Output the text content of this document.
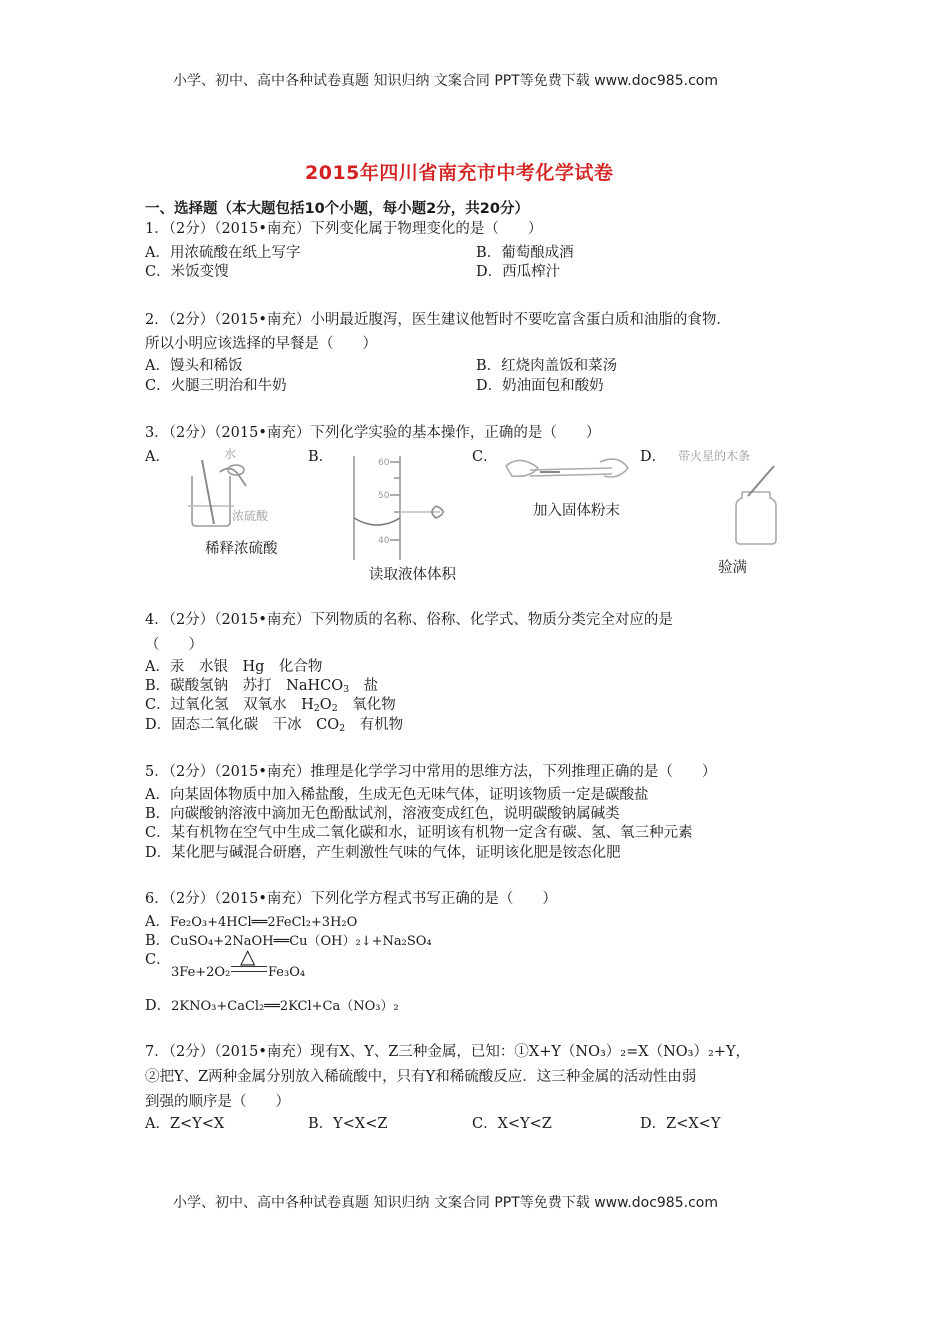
小学、初中、高中各种试卷真题 知识归纳 文案合同 PPT等免费下载 www.doc985.com
2015年四川省南充市中考化学试卷
一、选择题（本大题包括10个小题，每小题2分，共20分）
1．（2分）（2015•南充）下列变化属于物理变化的是（　　）
A．用浓硫酸在纸上写字	B．葡萄酿成酒
C．米饭变馊	D．西瓜榨汁
2．（2分）（2015•南充）小明最近腹泻，医生建议他暂时不要吃富含蛋白质和油脂的食物．
所以小明应该选择的早餐是（　　）
A．馒头和稀饭	B．红烧肉盖饭和菜汤
C．火腿三明治和牛奶	D．奶油面包和酸奶
3．（2分）（2015•南充）下列化学实验的基本操作，正确的是（　　）
A．	B．	C．	D．
水
浓硫酸
稀释浓硫酸
60
50
40
读取液体体积
加入固体粉末
带火星的木条
验满
4．（2分）（2015•南充）下列物质的名称、俗称、化学式、物质分类完全对应的是
（　　）
A．汞　水银　Hg　化合物
B．碳酸氢钠　苏打　NaHCO$_3$　盐
C．过氧化氢　双氧水　$H_2O_2$　氧化物
D．固态二氧化碳　干冰　$CO_2$　有机物
5．（2分）（2015•南充）推理是化学学习中常用的思维方法，下列推理正确的是（　　）
A．向某固体物质中加入稀盐酸，生成无色无味气体，证明该物质一定是碳酸盐
B．向碳酸钠溶液中滴加无色酚酞试剂，溶液变成红色，说明碳酸钠属碱类
C．某有机物在空气中生成二氧化碳和水，证明该有机物一定含有碳、氢、氧三种元素
D．某化肥与碱混合研磨，产生刺激性气味的气体，证明该化肥是铵态化肥
6．（2分）（2015•南充）下列化学方程式书写正确的是（　　）
A．Fe₂O₃+4HCl══2FeCl₂+3H₂O
B．CuSO₄+2NaOH══Cu（OH）₂↓+Na₂SO₄
C．
3Fe+2O₂
△
Fe₃O₄
D．2KNO₃+CaCl₂══2KCl+Ca（NO₃）₂
7．（2分）（2015•南充）现有X、Y、Z三种金属，已知：①X+Y（NO₃）₂=X（NO₃）₂+Y，
②把Y、Z两种金属分别放入稀硫酸中，只有Y和稀硫酸反应．这三种金属的活动性由弱
到强的顺序是（　　）
A．Z<Y<X	B．Y<X<Z	C．X<Y<Z	D．Z<X<Y
小学、初中、高中各种试卷真题 知识归纳 文案合同 PPT等免费下载 www.doc985.com
